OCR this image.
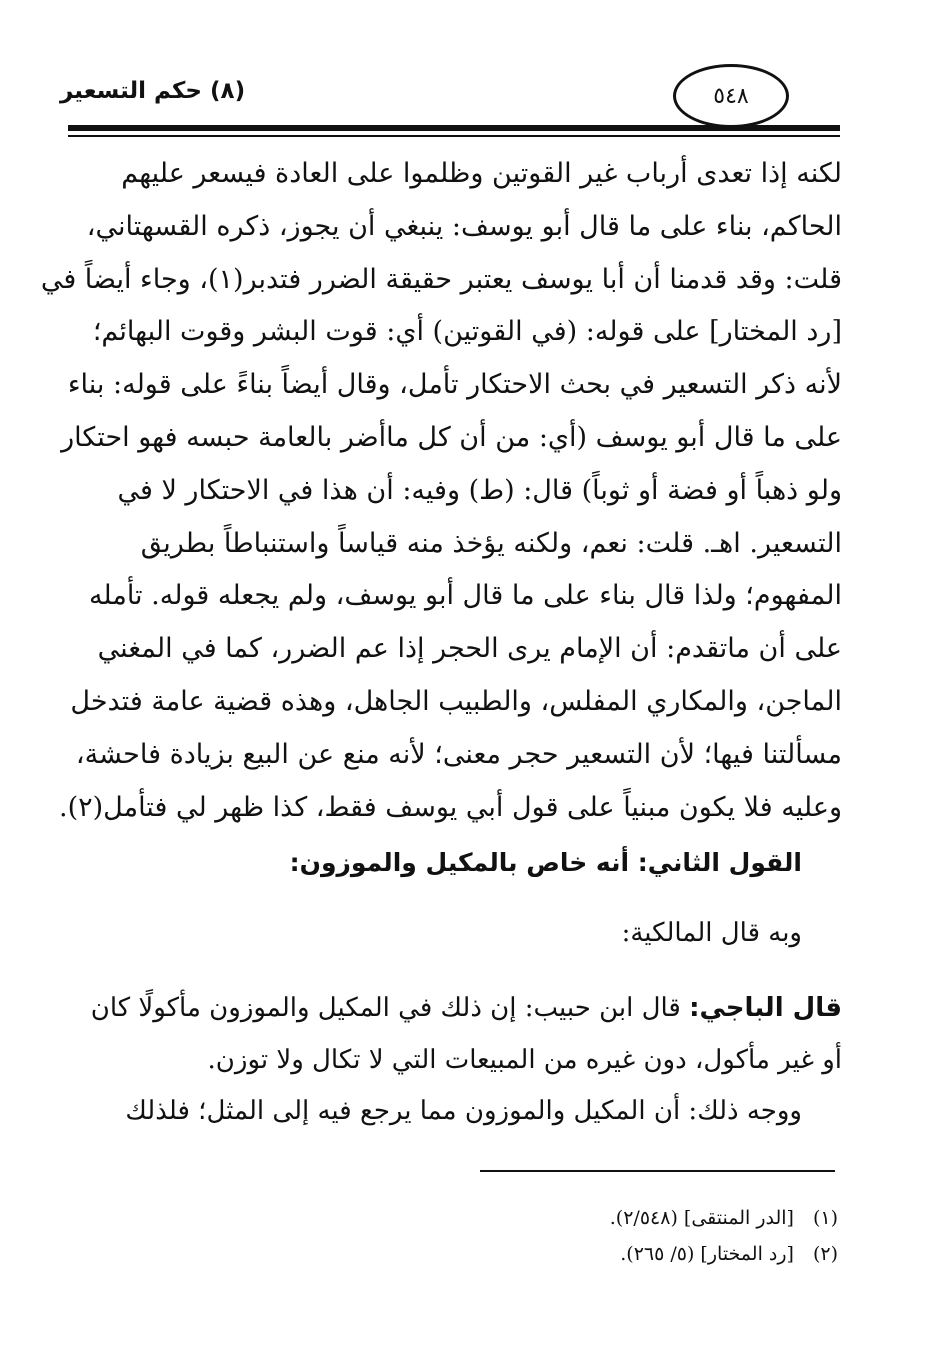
(٨) حكم التسعير	٥٤٨
لكنه إذا تعدى أرباب غير القوتين وظلموا على العادة فيسعر عليهم
الحاكم، بناء على ما قال أبو يوسف: ينبغي أن يجوز، ذكره القسهتاني،
قلت: وقد قدمنا أن أبا يوسف يعتبر حقيقة الضرر فتدبر(١)، وجاء أيضاً في
[رد المختار] على قوله: (في القوتين) أي: قوت البشر وقوت البهائم؛
لأنه ذكر التسعير في بحث الاحتكار تأمل، وقال أيضاً بناءً على قوله: بناء
على ما قال أبو يوسف (أي: من أن كل ماأضر بالعامة حبسه فهو احتكار
ولو ذهباً أو فضة أو ثوباً) قال: (ط) وفيه: أن هذا في الاحتكار لا في
التسعير. اهـ. قلت: نعم، ولكنه يؤخذ منه قياساً واستنباطاً بطريق
المفهوم؛ ولذا قال بناء على ما قال أبو يوسف، ولم يجعله قوله. تأمله
على أن ماتقدم: أن الإمام يرى الحجر إذا عم الضرر، كما في المغني
الماجن، والمكاري المفلس، والطبيب الجاهل، وهذه قضية عامة فتدخل
مسألتنا فيها؛ لأن التسعير حجر معنى؛ لأنه منع عن البيع بزيادة فاحشة،
وعليه فلا يكون مبنياً على قول أبي يوسف فقط، كذا ظهر لي فتأمل(٢).
القول الثاني: أنه خاص بالمكيل والموزون:
وبه قال المالكية:
قال الباجي: قال ابن حبيب: إن ذلك في المكيل والموزون مأكولًا كان
أو غير مأكول، دون غيره من المبيعات التي لا تكال ولا توزن.
ووجه ذلك: أن المكيل والموزون مما يرجع فيه إلى المثل؛ فلذلك
(١) [الدر المنتقى] (٢/٥٤٨).
(٢) [رد المختار] (٥/ ٢٦٥).
